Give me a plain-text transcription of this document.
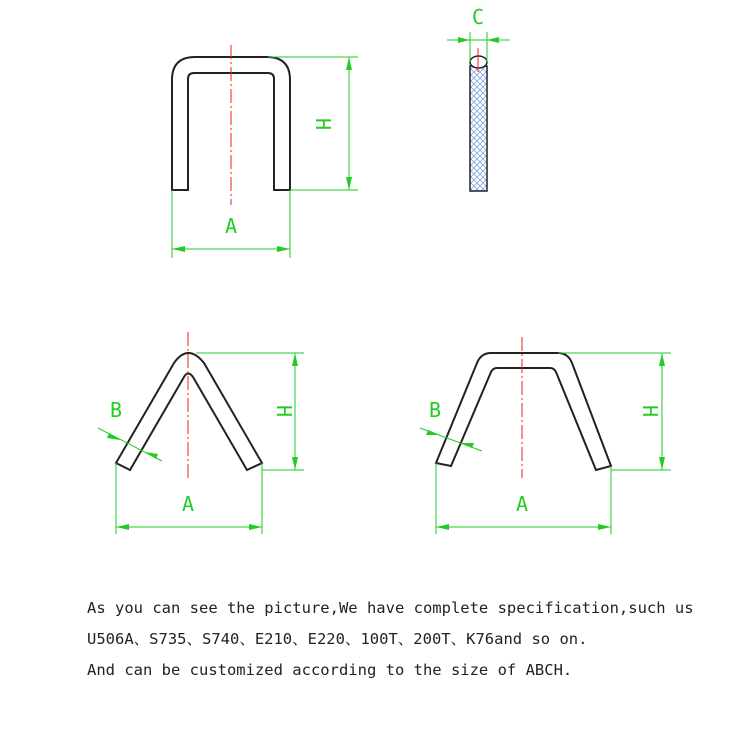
H
A
C
H
A
B	H
A
B
As you can see the picture,We have complete specification,such us
U506A、S735、S740、E210、E220、100T、200T、K76and so on.
And can be customized according to the size of ABCH.
